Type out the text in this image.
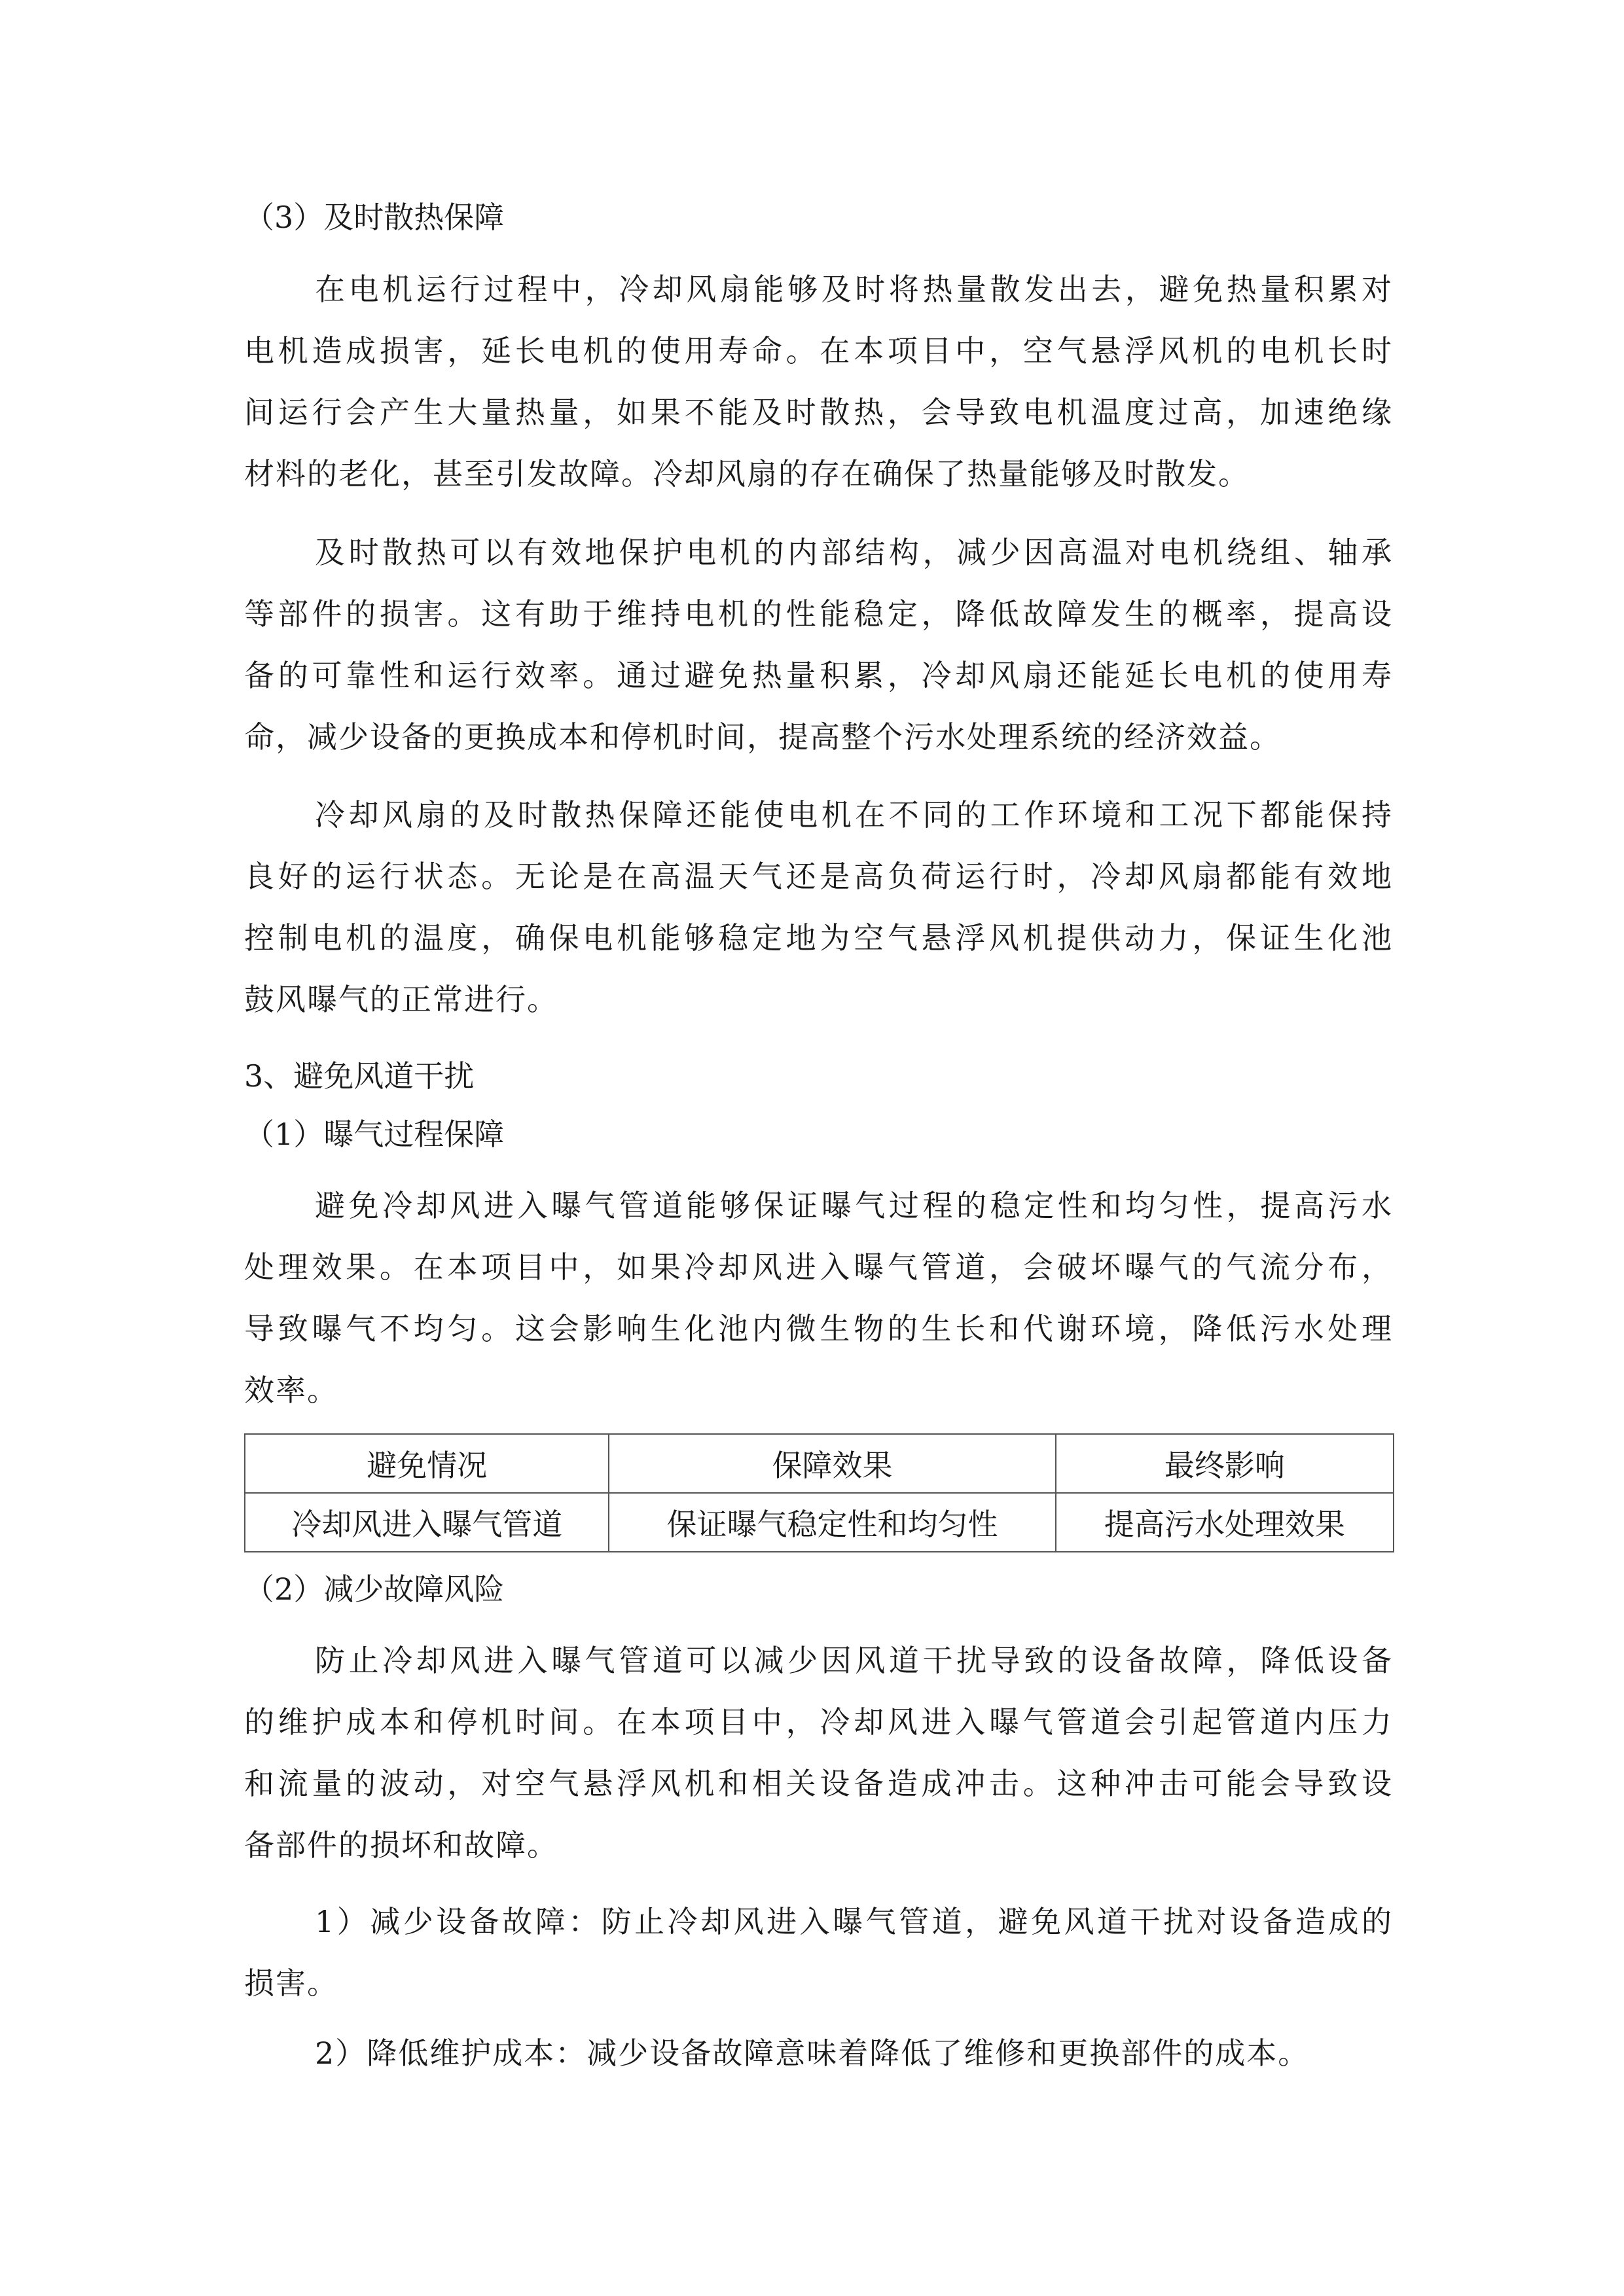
（3）及时散热保障
在电机运行过程中，冷却风扇能够及时将热量散发出去，避免热量积累对
电机造成损害，延长电机的使用寿命。在本项目中，空气悬浮风机的电机长时
间运行会产生大量热量，如果不能及时散热，会导致电机温度过高，加速绝缘
材料的老化，甚至引发故障。冷却风扇的存在确保了热量能够及时散发。
及时散热可以有效地保护电机的内部结构，减少因高温对电机绕组、轴承
等部件的损害。这有助于维持电机的性能稳定，降低故障发生的概率，提高设
备的可靠性和运行效率。通过避免热量积累，冷却风扇还能延长电机的使用寿
命，减少设备的更换成本和停机时间，提高整个污水处理系统的经济效益。
冷却风扇的及时散热保障还能使电机在不同的工作环境和工况下都能保持
良好的运行状态。无论是在高温天气还是高负荷运行时，冷却风扇都能有效地
控制电机的温度，确保电机能够稳定地为空气悬浮风机提供动力，保证生化池
鼓风曝气的正常进行。
3、避免风道干扰
（1）曝气过程保障
避免冷却风进入曝气管道能够保证曝气过程的稳定性和均匀性，提高污水
处理效果。在本项目中，如果冷却风进入曝气管道，会破坏曝气的气流分布，
导致曝气不均匀。这会影响生化池内微生物的生长和代谢环境，降低污水处理
效率。
避免情况	保障效果	最终影响
冷却风进入曝气管道	保证曝气稳定性和均匀性	提高污水处理效果
（2）减少故障风险
防止冷却风进入曝气管道可以减少因风道干扰导致的设备故障，降低设备
的维护成本和停机时间。在本项目中，冷却风进入曝气管道会引起管道内压力
和流量的波动，对空气悬浮风机和相关设备造成冲击。这种冲击可能会导致设
备部件的损坏和故障。
1）减少设备故障：防止冷却风进入曝气管道，避免风道干扰对设备造成的
损害。
2）降低维护成本：减少设备故障意味着降低了维修和更换部件的成本。
